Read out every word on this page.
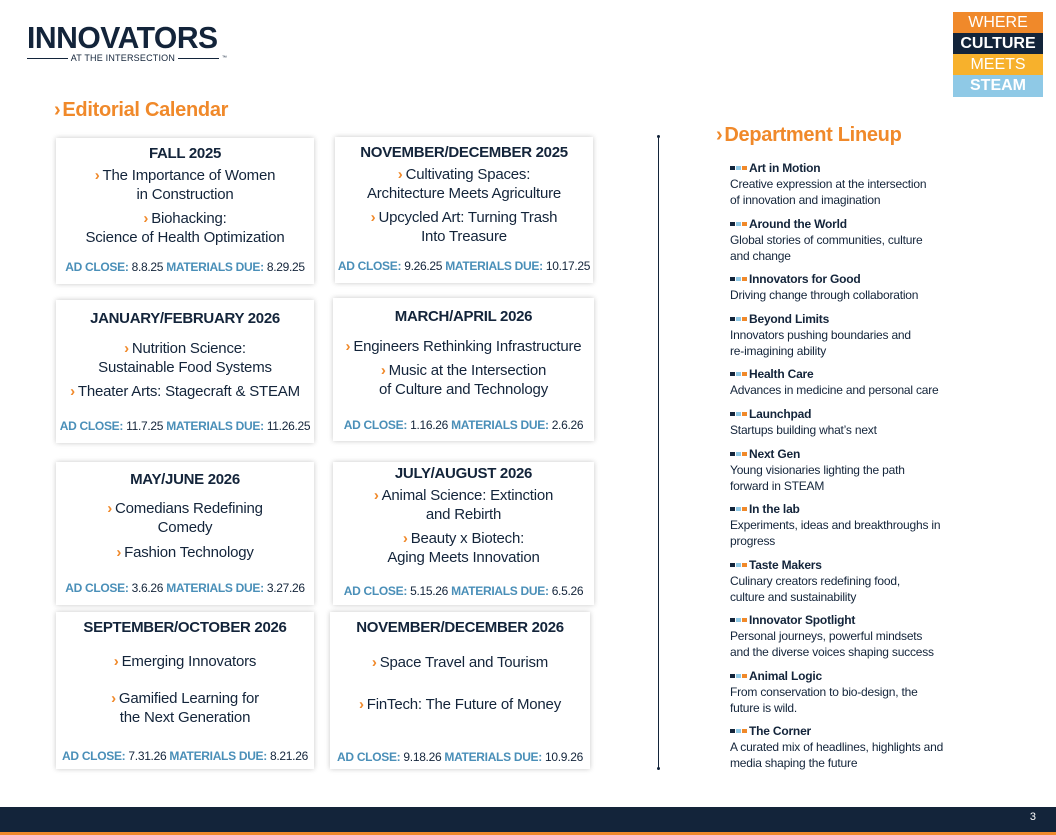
INNOVATORS
AT THE INTERSECTION	™
WHERE
CULTURE
MEETS
STEAM
› Editorial Calendar
FALL 2025
› The Importance of Women
in Construction
› Biohacking:
Science of Health Optimization
AD CLOSE: 8.8.25 MATERIALS DUE: 8.29.25
NOVEMBER/DECEMBER 2025
› Cultivating Spaces:
Architecture Meets Agriculture
› Upcycled Art: Turning Trash
Into Treasure
AD CLOSE: 9.26.25 MATERIALS DUE: 10.17.25
JANUARY/FEBRUARY 2026
› Nutrition Science:
Sustainable Food Systems
› Theater Arts: Stagecraft & STEAM
AD CLOSE: 11.7.25 MATERIALS DUE: 11.26.25
MARCH/APRIL 2026
› Engineers Rethinking Infrastructure
› Music at the Intersection
of Culture and Technology
AD CLOSE: 1.16.26 MATERIALS DUE: 2.6.26
MAY/JUNE 2026
› Comedians Redefining
Comedy
› Fashion Technology
AD CLOSE: 3.6.26 MATERIALS DUE: 3.27.26
JULY/AUGUST 2026
› Animal Science: Extinction
and Rebirth
› Beauty x Biotech:
Aging Meets Innovation
AD CLOSE: 5.15.26 MATERIALS DUE: 6.5.26
SEPTEMBER/OCTOBER 2026
› Emerging Innovators
› Gamified Learning for
the Next Generation
AD CLOSE: 7.31.26 MATERIALS DUE: 8.21.26
NOVEMBER/DECEMBER 2026
› Space Travel and Tourism
› FinTech: The Future of Money
AD CLOSE: 9.18.26 MATERIALS DUE: 10.9.26
› Department Lineup
Art in Motion
Creative expression at the intersection
of innovation and imagination
Around the World
Global stories of communities, culture
and change
Innovators for Good
Driving change through collaboration
Beyond Limits
Innovators pushing boundaries and
re-imagining ability
Health Care
Advances in medicine and personal care
Launchpad
Startups building what’s next
Next Gen
Young visionaries lighting the path
forward in STEAM
In the lab
Experiments, ideas and breakthroughs in
progress
Taste Makers
Culinary creators redefining food,
culture and sustainability
Innovator Spotlight
Personal journeys, powerful mindsets
and the diverse voices shaping success
Animal Logic
From conservation to bio-design, the
future is wild.
The Corner
A curated mix of headlines, highlights and
media shaping the future
3
